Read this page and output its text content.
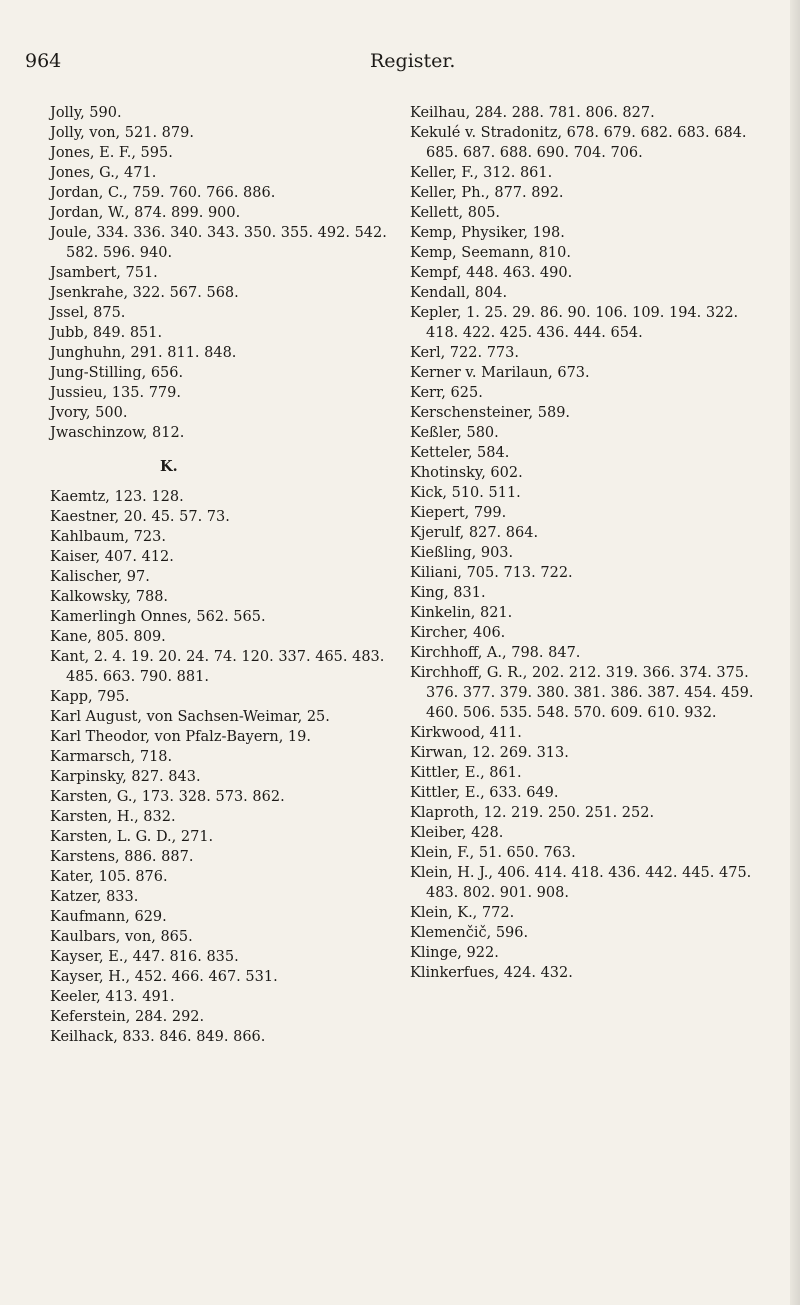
964	Register.

Jolly, 590.

Jolly, von, 521. 879.

Jones, E. F., 595.

Jones, G., 471.

Jordan, C., 759. 760. 766. 886.

Jordan, W., 874. 899. 900.

Joule, 334. 336. 340. 343. 350. 355. 492. 542. 582. 596. 940.

Jsambert, 751.

Jsenkrahe, 322. 567. 568.

Jssel, 875.

Jubb, 849. 851.

Junghuhn, 291. 811. 848.

Jung-Stilling, 656.

Jussieu, 135. 779.

Jvory, 500.

Jwaschinzow, 812.

K.

Kaemtz, 123. 128.

Kaestner, 20. 45. 57. 73.

Kahlbaum, 723.

Kaiser, 407. 412.

Kalischer, 97.

Kalkowsky, 788.

Kamerlingh Onnes, 562. 565.

Kane, 805. 809.

Kant, 2. 4. 19. 20. 24. 74. 120. 337. 465. 483. 485. 663. 790. 881.

Kapp, 795.

Karl August, von Sachsen-Weimar, 25.

Karl Theodor, von Pfalz-Bayern, 19.

Karmarsch, 718.

Karpinsky, 827. 843.

Karsten, G., 173. 328. 573. 862.

Karsten, H., 832.

Karsten, L. G. D., 271.

Karstens, 886. 887.

Kater, 105. 876.

Katzer, 833.

Kaufmann, 629.

Kaulbars, von, 865.

Kayser, E., 447. 816. 835.

Kayser, H., 452. 466. 467. 531.

Keeler, 413. 491.

Keferstein, 284. 292.

Keilhack, 833. 846. 849. 866.

Keilhau, 284. 288. 781. 806. 827.

Kekulé v. Stradonitz, 678. 679. 682. 683. 684. 685. 687. 688. 690. 704. 706.

Keller, F., 312. 861.

Keller, Ph., 877. 892.

Kellett, 805.

Kemp, Physiker, 198.

Kemp, Seemann, 810.

Kempf, 448. 463. 490.

Kendall, 804.

Kepler, 1. 25. 29. 86. 90. 106. 109. 194. 322. 418. 422. 425. 436. 444. 654.

Kerl, 722. 773.

Kerner v. Marilaun, 673.

Kerr, 625.

Kerschensteiner, 589.

Keßler, 580.

Ketteler, 584.

Khotinsky, 602.

Kick, 510. 511.

Kiepert, 799.

Kjerulf, 827. 864.

Kießling, 903.

Kiliani, 705. 713. 722.

King, 831.

Kinkelin, 821.

Kircher, 406.

Kirchhoff, A., 798. 847.

Kirchhoff, G. R., 202. 212. 319. 366. 374. 375. 376. 377. 379. 380. 381. 386. 387. 454. 459. 460. 506. 535. 548. 570. 609. 610. 932.

Kirkwood, 411.

Kirwan, 12. 269. 313.

Kittler, E., 861.

Kittler, E., 633. 649.

Klaproth, 12. 219. 250. 251. 252.

Kleiber, 428.

Klein, F., 51. 650. 763.

Klein, H. J., 406. 414. 418. 436. 442. 445. 475. 483. 802. 901. 908.

Klein, K., 772.

Klemenčič, 596.

Klinge, 922.

Klinkerfues, 424. 432.
